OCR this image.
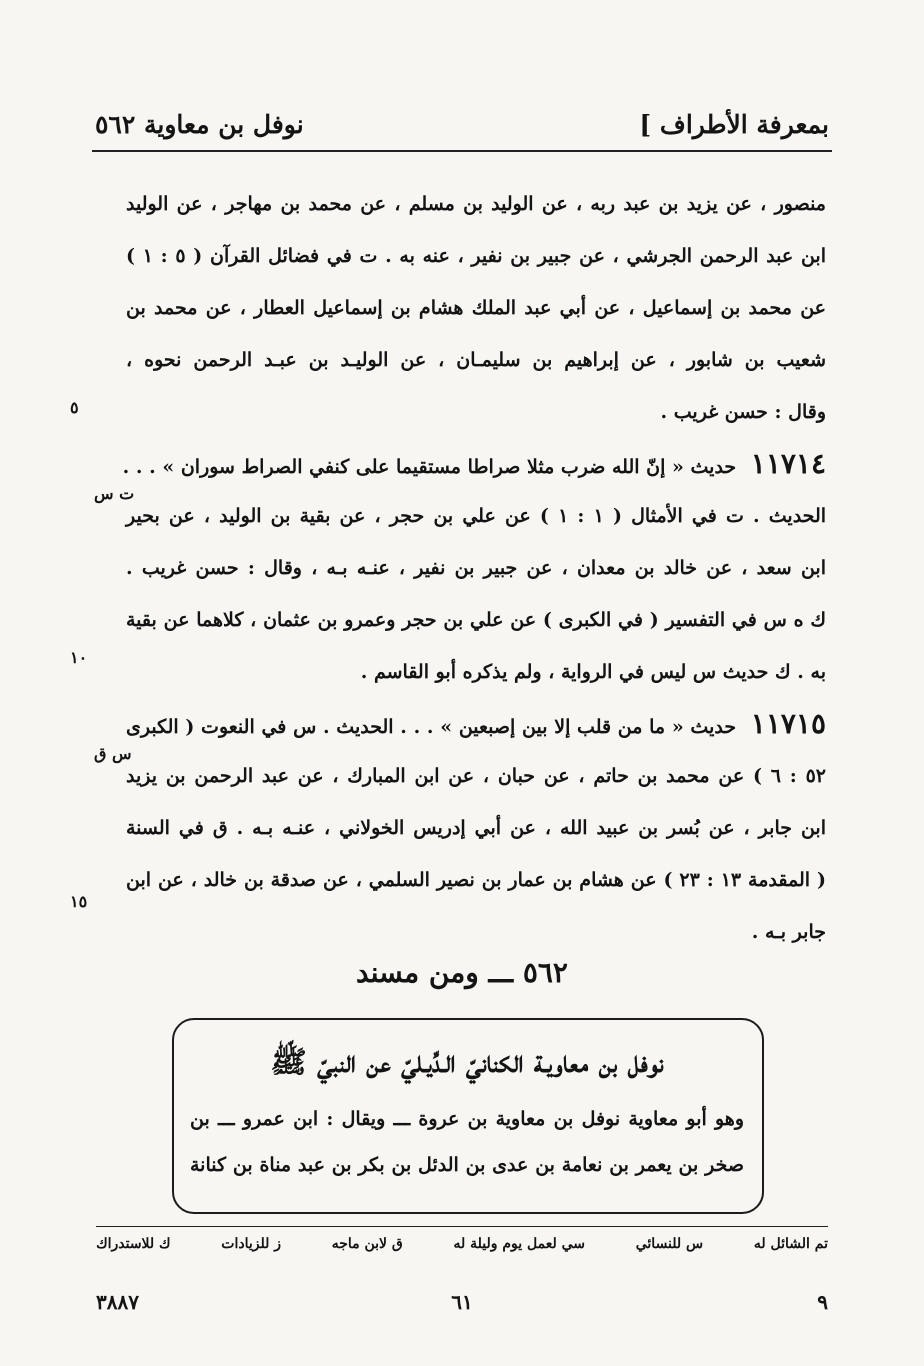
بمعرفة الأطراف ]
نوفل بن معاوية ٥٦٢
منصور ، عن يزيد بن عبد ربه ، عن الوليد بن مسلم ، عن محمد بن مهاجر ، عن الوليد
ابن عبد الرحمن الجرشي ، عن جبير بن نفير ، عنه به . ت في فضائل القرآن ( ٥ : ١ )
عن محمد بن إسماعيل ، عن أبي عبد الملك هشام بن إسماعيل العطار ، عن محمد بن
شعيب بن شابور ، عن إبراهيم بن سليمـان ، عن الوليـد بن عبـد الرحمن نحوه ،
وقال : حسن غريب .
١١٧١٤ حديث « إنّ الله ضرب مثلا صراطا مستقيما على كنفي الصراط سوران » . . .
الحديث . ت في الأمثال ( ١ : ١ ) عن علي بن حجر ، عن بقية بن الوليد ، عن بحير
ت س
ابن سعد ، عن خالد بن معدان ، عن جبير بن نفير ، عنـه بـه ، وقال : حسن غريب .
ك ه س في التفسير ( في الكبرى ) عن علي بن حجر وعمرو بن عثمان ، كلاهما عن بقية
به . ك حديث س ليس في الرواية ، ولم يذكره أبو القاسم .
١١٧١٥ حديث « ما من قلب إلا بين إصبعين » . . . الحديث . س في النعوت ( الكبرى
٥٢ : ٦ ) عن محمد بن حاتم ، عن حبان ، عن ابن المبارك ، عن عبد الرحمن بن يزيد
س ق
ابن جابر ، عن بُسر بن عبيد الله ، عن أبي إدريس الخولاني ، عنـه بـه . ق في السنة
( المقدمة ١٣ : ٢٣ ) عن هشام بن عمار بن نصير السلمي ، عن صدقة بن خالد ، عن ابن
جابر بـه .
٥
١٠
١٥
٥٦٢ ـــ ومن مسند
نوفل بن معاويـة الكنانيّ الـدِّيـليّ عن النبيّ ﷺ
وهو أبو معاوية نوفل بن معاوية بن عروة ـــ ويقال : ابن عمرو ـــ بن
صخر بن يعمر بن نعامة بن عدى بن الدئل بن بكر بن عبد مناة بن كنانة
تم الشائل له
س للنسائي
سي لعمل يوم وليلة له
ق لابن ماجه
ز للزيادات
ك للاستدراك
٩
٦١
٣٨٨٧
